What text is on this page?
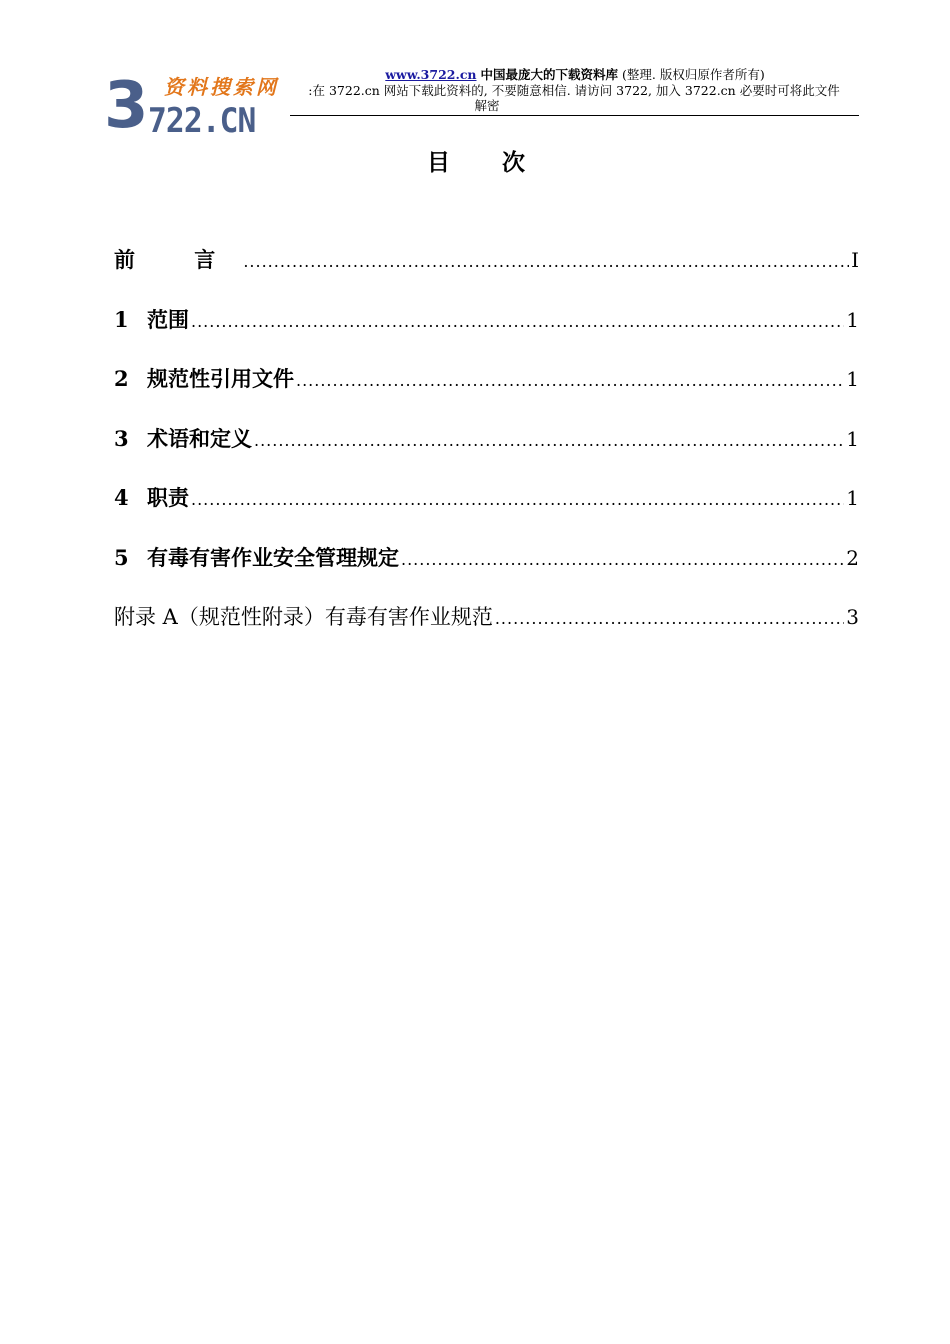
3 资料搜索网
722.CN
www.3722.cn 中国最庞大的下载资料库 (整理. 版权归原作者所有)
:在 3722.cn 网站下载此资料的, 不要随意相信. 请访问 3722, 加入 3722.cn 必要时可将此文件
解密
目 次
前 言 .....	I
1 范围 .....	1
2 规范性引用文件 .....	1
3 术语和定义 .....	1
4 职责 .....	1
5 有毒有害作业安全管理规定 .....	2
附录 A（规范性附录）有毒有害作业规范 .....	3
